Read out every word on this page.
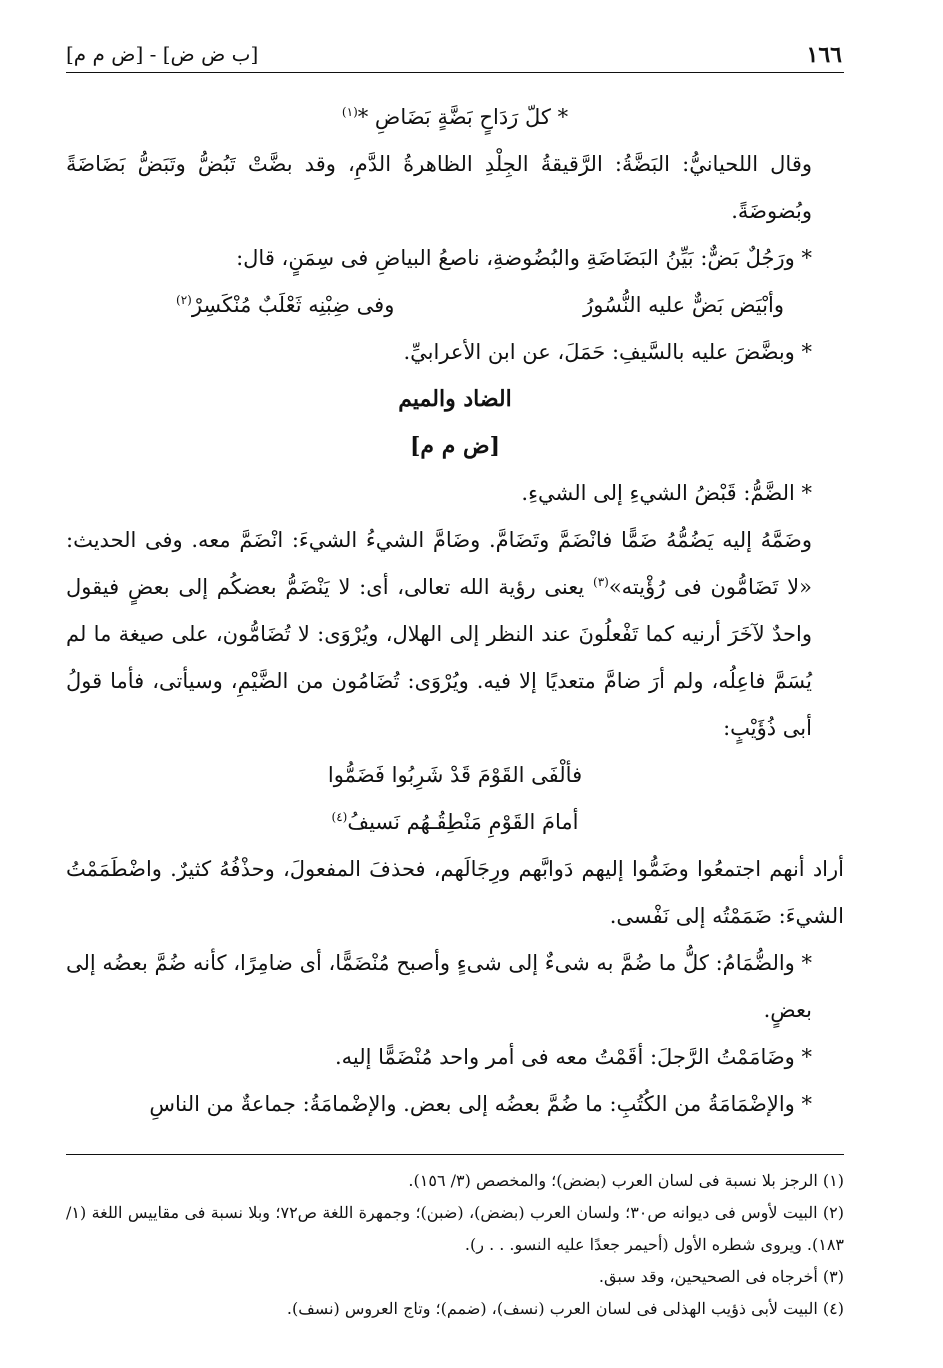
١٦٦
[ب ض ض] - [ض م م]

* كلّ رَدَاحٍ بَضَّةٍ بَضَاضِ *$^{(١)}$

وقال اللحيانيُّ: البَضَّةُ: الرَّقيقةُ الجِلْدِ الظاهرةُ الدَّمِ، وقد بضَّتْ تَبُضُّ وتَبَضُّ بَضَاضَةً وبُضوضَةً.

* ورَجُلٌ بَضٌّ: بَيِّنُ البَضَاضَةِ والبُضُوضةِ، ناصعُ البياضِ فى سِمَنٍ، قال:

وأبْيَض بَضٌّ عليه النُّسُورُ
وفى ضِبْنِه ثَعْلَبٌ مُنْكَسِرْ$^{(٢)}$

* وبضَّضَ عليه بالسَّيفِ: حَمَلَ، عن ابن الأعرابيِّ.

الضاد والميم

[ض م م]

* الضَّمُّ: قَبْضُ الشيءِ إلى الشيءِ.

وضَمَّهُ إليه يَضُمُّهُ ضَمًّا فانْضَمَّ وتَضَامَّ. وضَامَّ الشيءُ الشيءَ: انْضَمَّ معه. وفى الحديث: «لا تَضَامُّون فى رُؤْيته»$^{(٣)}$ يعنى رؤية الله تعالى، أى: لا يَنْضَمُّ بعضكُم إلى بعضٍ فيقول واحدٌ لآخَرَ أرنيه كما تَفْعلُونَ عند النظر إلى الهلال، ويُرْوَى: لا تُضَامُّون، على صيغة ما لم يُسَمَّ فاعِلُه، ولم أرَ ضامَّ متعديًا إلا فيه. ويُرْوَى: تُضَامُون من الضَّيْمِ، وسيأتى، فأما قولُ أبى ذُؤَيْبٍ:

فألْفَى القَوْمَ قَدْ شَرِبُوا فَضَمُّوا

أمامَ القَوْمِ مَنْطِقُـهُم نَسيفُ$^{(٤)}$

أراد أنهم اجتمعُوا وضَمُّوا إليهم دَوابَّهم ورِجَالَهم، فحذفَ المفعولَ، وحذْفُهُ كثيرٌ. واضْطَمَمْتُ الشيءَ: ضَمَمْتُه إلى نَفْسى.

* والضُّمَامُ: كلُّ ما ضُمَّ به شىءٌ إلى شىءٍ وأصبح مُنْضَمًّا، أى ضامِرًا، كأنه ضُمَّ بعضُه إلى بعضٍ.

* وضَامَمْتُ الرَّجلَ: أقَمْتُ معه فى أمر واحد مُنْضَمًّا إليه.

* والإضْمَامَةُ من الكُتُبِ: ما ضُمَّ بعضُه إلى بعض. والإضْمامَةُ: جماعةٌ من الناسِ

(١) الرجز بلا نسبة فى لسان العرب (بضض)؛ والمخصص (٣/ ١٥٦).

(٢) البيت لأوس فى ديوانه ص٣٠؛ ولسان العرب (بضض)، (ضبن)؛ وجمهرة اللغة ص٧٢؛ وبلا نسبة فى مقاييس اللغة (١/ ١٨٣). ويروى شطره الأول (أحيمر جعدًا عليه النسو. . . ر).

(٣) أخرجاه فى الصحيحين، وقد سبق.

(٤) البيت لأبى ذؤيب الهذلى فى لسان العرب (نسف)، (ضمم)؛ وتاج العروس (نسف).
